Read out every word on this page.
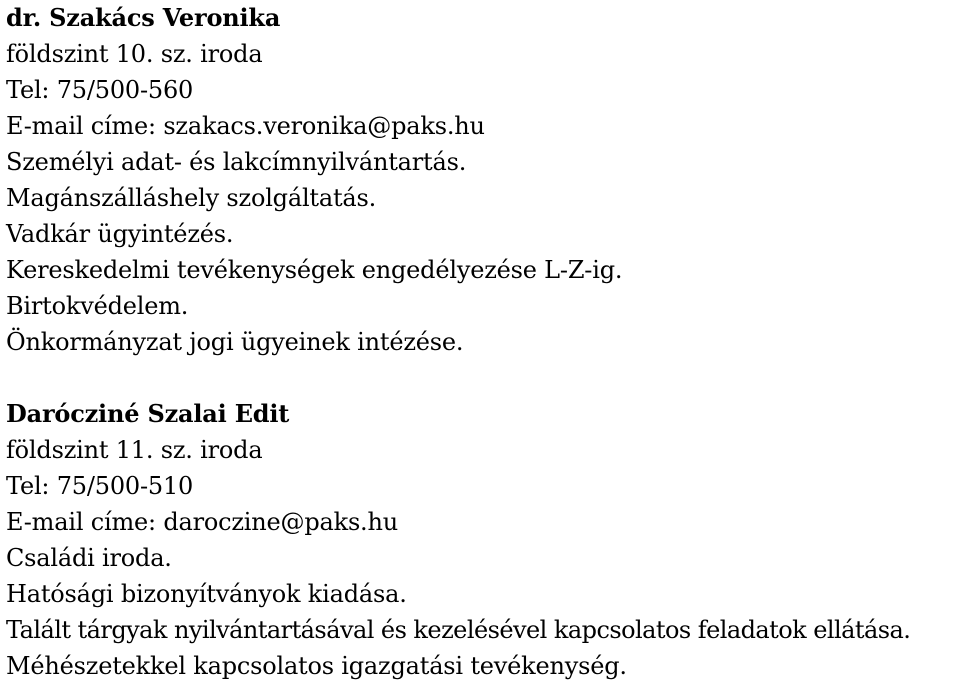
dr. Szakács Veronika
földszint 10. sz. iroda
Tel: 75/500-560
E-mail címe: szakacs.veronika@paks.hu
Személyi adat- és lakcímnyilvántartás.
Magánszálláshely szolgáltatás.
Vadkár ügyintézés.
Kereskedelmi tevékenységek engedélyezése L-Z-ig.
Birtokvédelem.
Önkormányzat jogi ügyeinek intézése.
Darócziné Szalai Edit
földszint 11. sz. iroda
Tel: 75/500-510
E-mail címe: daroczine@paks.hu
Családi iroda.
Hatósági bizonyítványok kiadása.
Talált tárgyak nyilvántartásával és kezelésével kapcsolatos feladatok ellátása.
Méhészetekkel kapcsolatos igazgatási tevékenység.
